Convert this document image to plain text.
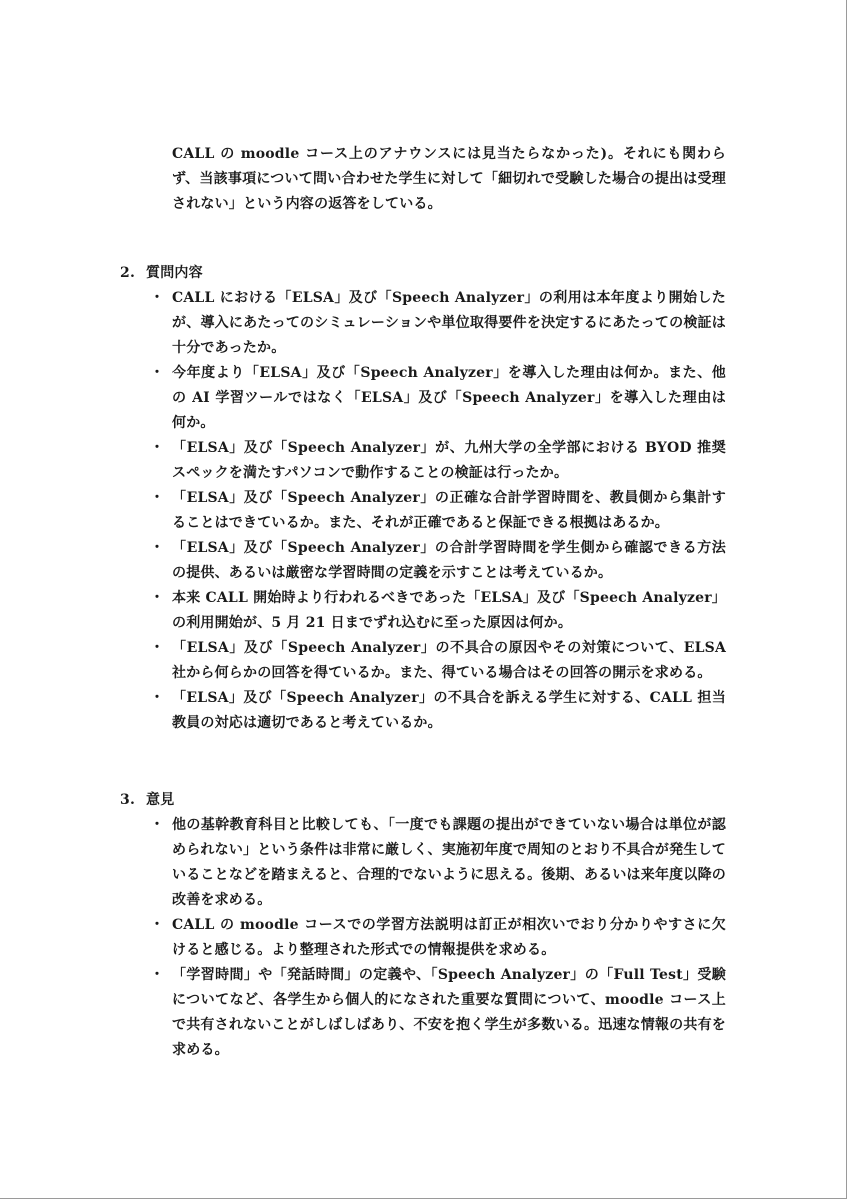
CALL の moodle コース上のアナウンスには見当たらなかった)。それにも関わらず、当該事項について問い合わせた学生に対して「細切れで受験した場合の提出は受理されない」という内容の返答をしている。

2. 質問内容
・ CALL における「ELSA」及び「Speech Analyzer」の利用は本年度より開始したが、導入にあたってのシミュレーションや単位取得要件を決定するにあたっての検証は十分であったか。
・ 今年度より「ELSA」及び「Speech Analyzer」を導入した理由は何か。また、他の AI 学習ツールではなく「ELSA」及び「Speech Analyzer」を導入した理由は何か。
・ 「ELSA」及び「Speech Analyzer」が、九州大学の全学部における BYOD 推奨スペックを満たすパソコンで動作することの検証は行ったか。
・ 「ELSA」及び「Speech Analyzer」の正確な合計学習時間を、教員側から集計することはできているか。また、それが正確であると保証できる根拠はあるか。
・ 「ELSA」及び「Speech Analyzer」の合計学習時間を学生側から確認できる方法の提供、あるいは厳密な学習時間の定義を示すことは考えているか。
・ 本来 CALL 開始時より行われるべきであった「ELSA」及び「Speech Analyzer」の利用開始が、5 月 21 日までずれ込むに至った原因は何か。
・ 「ELSA」及び「Speech Analyzer」の不具合の原因やその対策について、ELSA 社から何らかの回答を得ているか。また、得ている場合はその回答の開示を求める。
・ 「ELSA」及び「Speech Analyzer」の不具合を訴える学生に対する、CALL 担当教員の対応は適切であると考えているか。
3. 意見
・ 他の基幹教育科目と比較しても、「一度でも課題の提出ができていない場合は単位が認められない」という条件は非常に厳しく、実施初年度で周知のとおり不具合が発生していることなどを踏まえると、合理的でないように思える。後期、あるいは来年度以降の改善を求める。
・ CALL の moodle コースでの学習方法説明は訂正が相次いでおり分かりやすさに欠けると感じる。より整理された形式での情報提供を求める。
・ 「学習時間」や「発話時間」の定義や、「Speech Analyzer」の「Full Test」受験についてなど、各学生から個人的になされた重要な質問について、moodle コース上で共有されないことがしばしばあり、不安を抱く学生が多数いる。迅速な情報の共有を求める。
